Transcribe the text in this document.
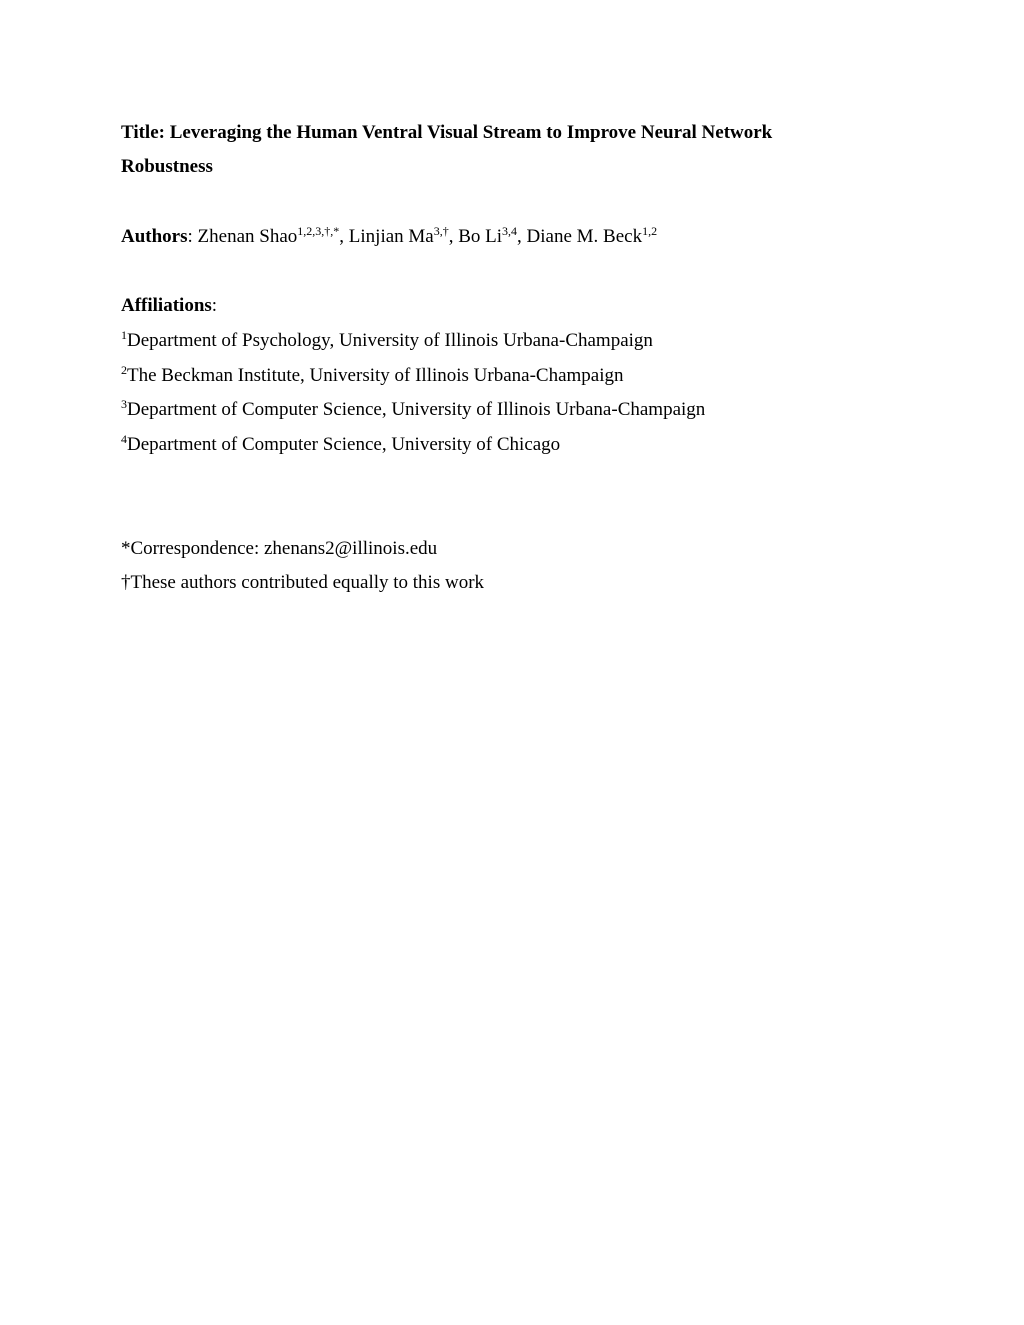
Title: Leveraging the Human Ventral Visual Stream to Improve Neural Network
Robustness
Authors: Zhenan Shao$^{1,2,3,\dagger,*}$, Linjian $Ma^{3,\dagger}$, Bo Li$^{3,4}$, Diane M. Beck$^{1,2}$
Affiliations:
$^1$Department of Psychology, University of Illinois Urbana-Champaign
$^2$The Beckman Institute, University of Illinois Urbana-Champaign
$^3$Department of Computer Science, University of Illinois Urbana-Champaign
$^4$Department of Computer Science, University of Chicago
*Correspondence: zhenans2@illinois.edu
†These authors contributed equally to this work
